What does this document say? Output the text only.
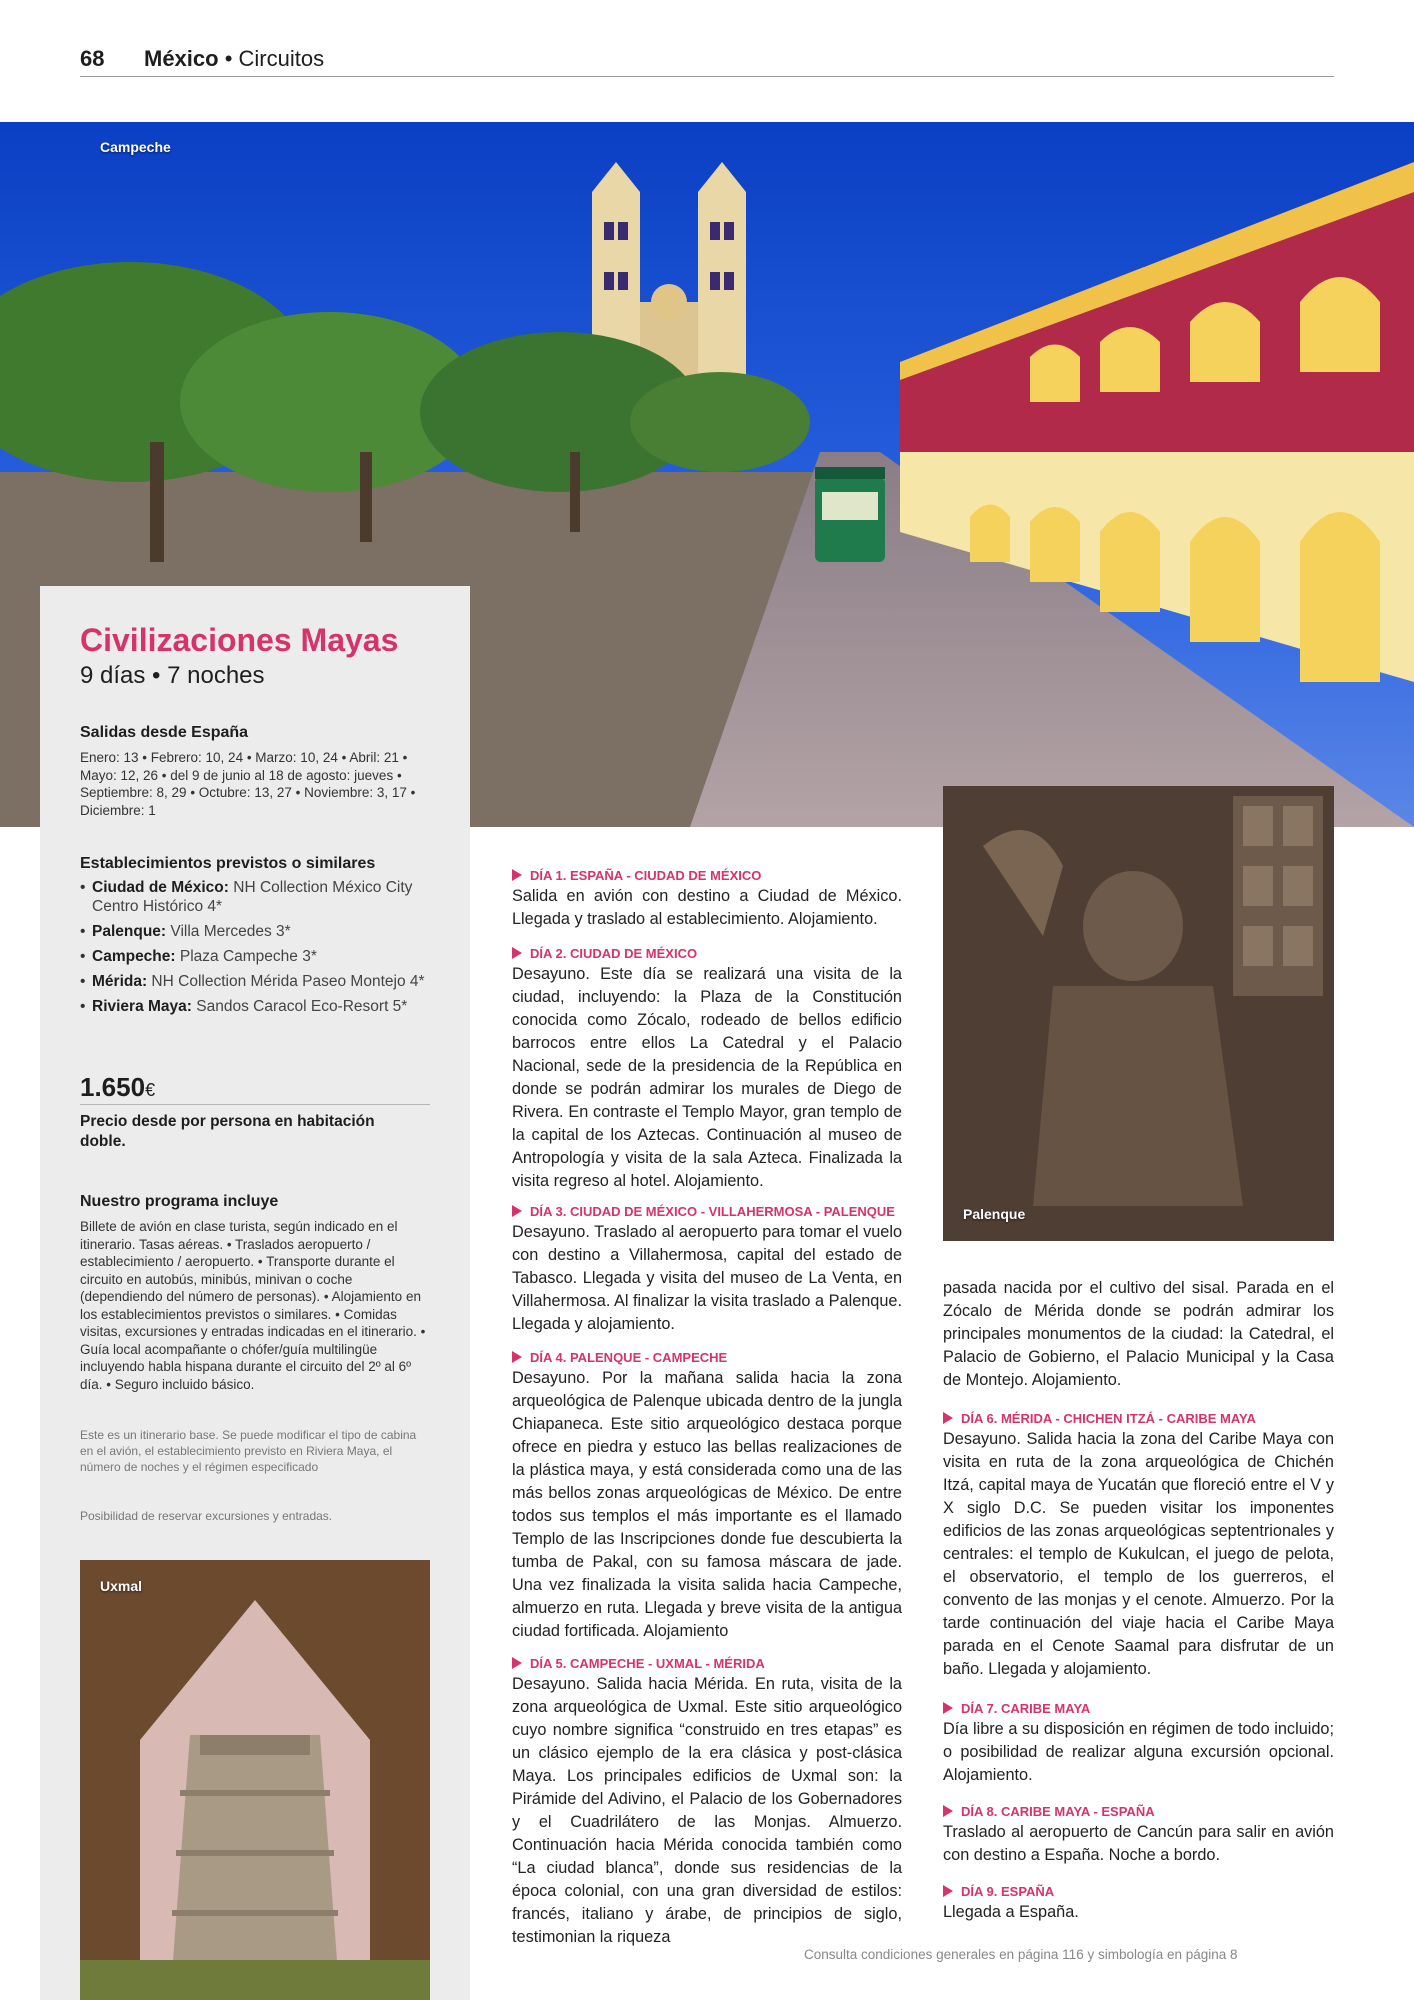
68 México • Circuitos
Campeche
Civilizaciones Mayas
9 días • 7 noches
Salidas desde España
Enero: 13 • Febrero: 10, 24 • Marzo: 10, 24 • Abril: 21 • Mayo: 12, 26 • del 9 de junio al 18 de agosto: jueves • Septiembre: 8, 29 • Octubre: 13, 27 • Noviembre: 3, 17 • Diciembre: 1
Establecimientos previstos o similares
• Ciudad de México: NH Collection México City Centro Histórico 4*
• Palenque: Villa Mercedes 3*
• Campeche: Plaza Campeche 3*
• Mérida: NH Collection Mérida Paseo Montejo 4*
• Riviera Maya: Sandos Caracol Eco-Resort 5*
1.650€
Precio desde por persona en habitación doble.
Nuestro programa incluye
Billete de avión en clase turista, según indicado en el itinerario. Tasas aéreas. • Traslados aeropuerto / establecimiento / aeropuerto. • Transporte durante el circuito en autobús, minibús, minivan o coche (dependiendo del número de personas). • Alojamiento en los establecimientos previstos o similares. • Comidas visitas, excursiones y entradas indicadas en el itinerario. • Guía local acompañante o chófer/guía multilingüe incluyendo habla hispana durante el circuito del 2º al 6º día. • Seguro incluido básico.
Este es un itinerario base. Se puede modificar el tipo de cabina en el avión, el establecimiento previsto en Riviera Maya, el número de noches y el régimen especificado
Posibilidad de reservar excursiones y entradas.
Uxmal
Palenque
DÍA 1. ESPAÑA - CIUDAD DE MÉXICO
Salida en avión con destino a Ciudad de México. Llegada y traslado al establecimiento. Alojamiento.
DÍA 2. CIUDAD DE MÉXICO
Desayuno. Este día se realizará una visita de la ciudad, incluyendo: la Plaza de la Constitución conocida como Zócalo, rodeado de bellos edificio barrocos entre ellos La Catedral y el Palacio Nacional, sede de la presidencia de la República en donde se podrán admirar los murales de Diego de Rivera. En contraste el Templo Mayor, gran templo de la capital de los Aztecas. Continuación al museo de Antropología y visita de la sala Azteca. Finalizada la visita regreso al hotel. Alojamiento.
DÍA 3. CIUDAD DE MÉXICO - VILLAHERMOSA - PALENQUE
Desayuno. Traslado al aeropuerto para tomar el vuelo con destino a Villahermosa, capital del estado de Tabasco. Llegada y visita del museo de La Venta, en Villahermosa. Al finalizar la visita traslado a Palenque. Llegada y alojamiento.
DÍA 4. PALENQUE - CAMPECHE
Desayuno. Por la mañana salida hacia la zona arqueológica de Palenque ubicada dentro de la jungla Chiapaneca. Este sitio arqueológico destaca porque ofrece en piedra y estuco las bellas realizaciones de la plástica maya, y está considerada como una de las más bellos zonas arqueológicas de México. De entre todos sus templos el más importante es el llamado Templo de las Inscripciones donde fue descubierta la tumba de Pakal, con su famosa máscara de jade. Una vez finalizada la visita salida hacia Campeche, almuerzo en ruta. Llegada y breve visita de la antigua ciudad fortificada. Alojamiento
DÍA 5. CAMPECHE - UXMAL - MÉRIDA
Desayuno. Salida hacia Mérida. En ruta, visita de la zona arqueológica de Uxmal. Este sitio arqueológico cuyo nombre significa “construido en tres etapas” es un clásico ejemplo de la era clásica y post-clásica Maya. Los principales edificios de Uxmal son: la Pirámide del Adivino, el Palacio de los Gobernadores y el Cuadrilátero de las Monjas. Almuerzo. Continuación hacia Mérida conocida también como “La ciudad blanca”, donde sus residencias de la época colonial, con una gran diversidad de estilos: francés, italiano y árabe, de principios de siglo, testimonian la riqueza
pasada nacida por el cultivo del sisal. Parada en el Zócalo de Mérida donde se podrán admirar los principales monumentos de la ciudad: la Catedral, el Palacio de Gobierno, el Palacio Municipal y la Casa de Montejo. Alojamiento.
DÍA 6. MÉRIDA - CHICHEN ITZÁ - CARIBE MAYA
Desayuno. Salida hacia la zona del Caribe Maya con visita en ruta de la zona arqueológica de Chichén Itzá, capital maya de Yucatán que floreció entre el V y X siglo D.C. Se pueden visitar los imponentes edificios de las zonas arqueológicas septentrionales y centrales: el templo de Kukulcan, el juego de pelota, el observatorio, el templo de los guerreros, el convento de las monjas y el cenote. Almuerzo. Por la tarde continuación del viaje hacia el Caribe Maya parada en el Cenote Saamal para disfrutar de un baño. Llegada y alojamiento.
DÍA 7. CARIBE MAYA
Día libre a su disposición en régimen de todo incluido; o posibilidad de realizar alguna excursión opcional. Alojamiento.
DÍA 8. CARIBE MAYA - ESPAÑA
Traslado al aeropuerto de Cancún para salir en avión con destino a España. Noche a bordo.
DÍA 9. ESPAÑA
Llegada a España.
Consulta condiciones generales en página 116 y simbología en página 8
